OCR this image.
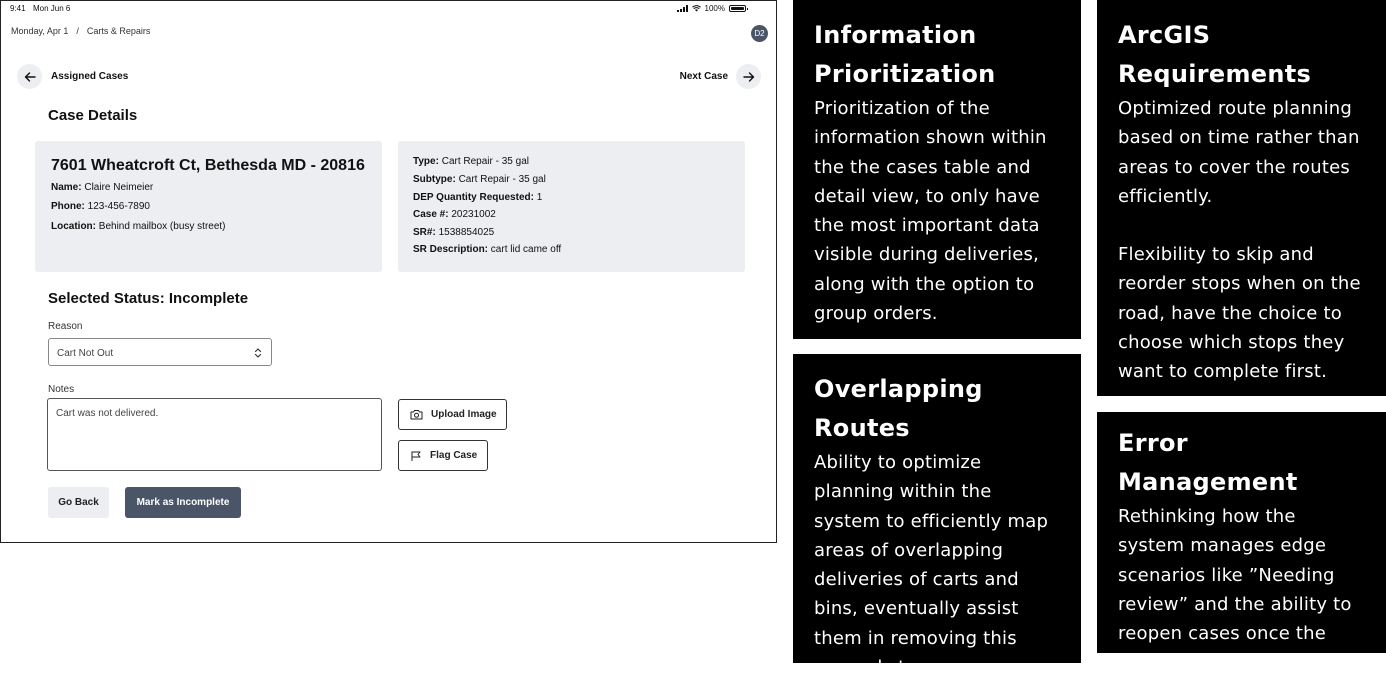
9:41 Mon Jun 6	100%
Monday, Apr 1 / Carts & Repairs	D2
Assigned Cases	Next Case
Case Details
7601 Wheatcroft Ct, Bethesda MD - 20816
Name: Claire Neimeier
Phone: 123-456-7890
Location: Behind mailbox (busy street)
Type: Cart Repair - 35 gal
Subtype: Cart Repair - 35 gal
DEP Quantity Requested: 1
Case #: 20231002
SR#: 1538854025
SR Description: cart lid came off
Selected Status: Incomplete
Reason
Cart Not Out
Notes
Cart was not delivered.	Upload Image
Flag Case
Go Back	Mark as Incomplete
Information
Prioritization

Prioritization of the information shown within the the cases table and detail view, to only have the most important data visible during deliveries, along with the option to group orders.

ArcGIS
Requirements

Optimized route planning based on time rather than areas to cover the routes efficiently.

Flexibility to skip and reorder stops when on the road, have the choice to choose which stops they want to complete first.

Overlapping
Routes

Ability to optimize planning within the system to efficiently map areas of overlapping deliveries of carts and bins, eventually assist them in removing this manual step.

Error Management

Rethinking how the system manages edge scenarios like ”Needing review” and the ability to reopen cases once the order has been closed.
